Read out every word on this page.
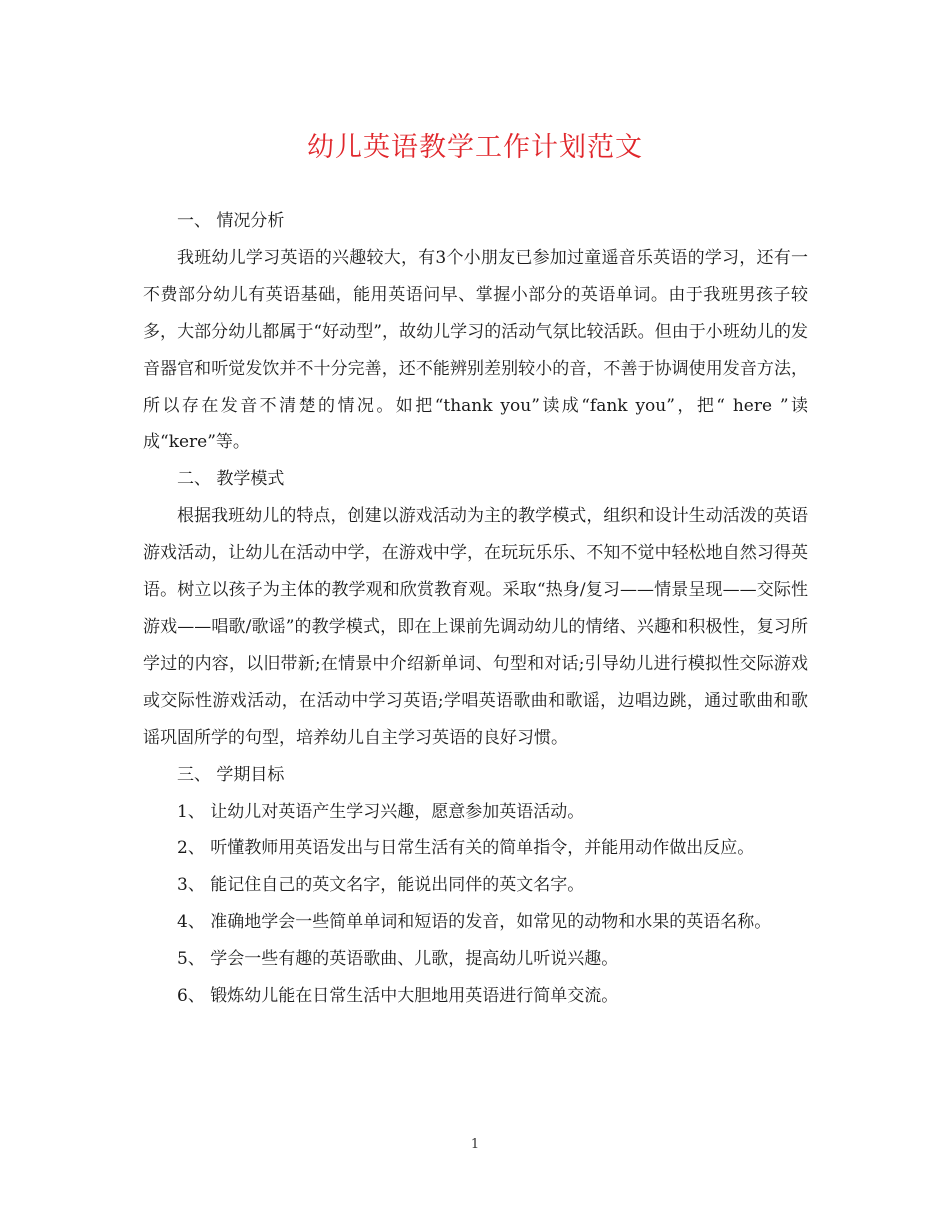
幼儿英语教学工作计划范文

一、 情况分析

我班幼儿学习英语的兴趣较大，有3个小朋友已参加过童遥音乐英语的学习，还有一不费部分幼儿有英语基础，能用英语问早、掌握小部分的英语单词。由于我班男孩子较多，大部分幼儿都属于“好动型”，故幼儿学习的活动气氛比较活跃。但由于小班幼儿的发音器官和听觉发饮并不十分完善，还不能辨别差别较小的音，不善于协调使用发音方法，所以存在发音不清楚的情况。如把“thank you”读成“fank you”，把“ here ”读成“kere”等。

二、 教学模式

根据我班幼儿的特点，创建以游戏活动为主的教学模式，组织和设计生动活泼的英语游戏活动，让幼儿在活动中学，在游戏中学，在玩玩乐乐、不知不觉中轻松地自然习得英语。树立以孩子为主体的教学观和欣赏教育观。采取“热身/复习——情景呈现——交际性游戏——唱歌/歌谣”的教学模式，即在上课前先调动幼儿的情绪、兴趣和积极性，复习所学过的内容，以旧带新;在情景中介绍新单词、句型和对话;引导幼儿进行模拟性交际游戏或交际性游戏活动，在活动中学习英语;学唱英语歌曲和歌谣，边唱边跳，通过歌曲和歌谣巩固所学的句型，培养幼儿自主学习英语的良好习惯。

三、 学期目标

1、 让幼儿对英语产生学习兴趣，愿意参加英语活动。

2、 听懂教师用英语发出与日常生活有关的简单指令，并能用动作做出反应。

3、 能记住自己的英文名字，能说出同伴的英文名字。

4、 准确地学会一些简单单词和短语的发音，如常见的动物和水果的英语名称。

5、 学会一些有趣的英语歌曲、儿歌，提高幼儿听说兴趣。

6、 锻炼幼儿能在日常生活中大胆地用英语进行简单交流。

1
